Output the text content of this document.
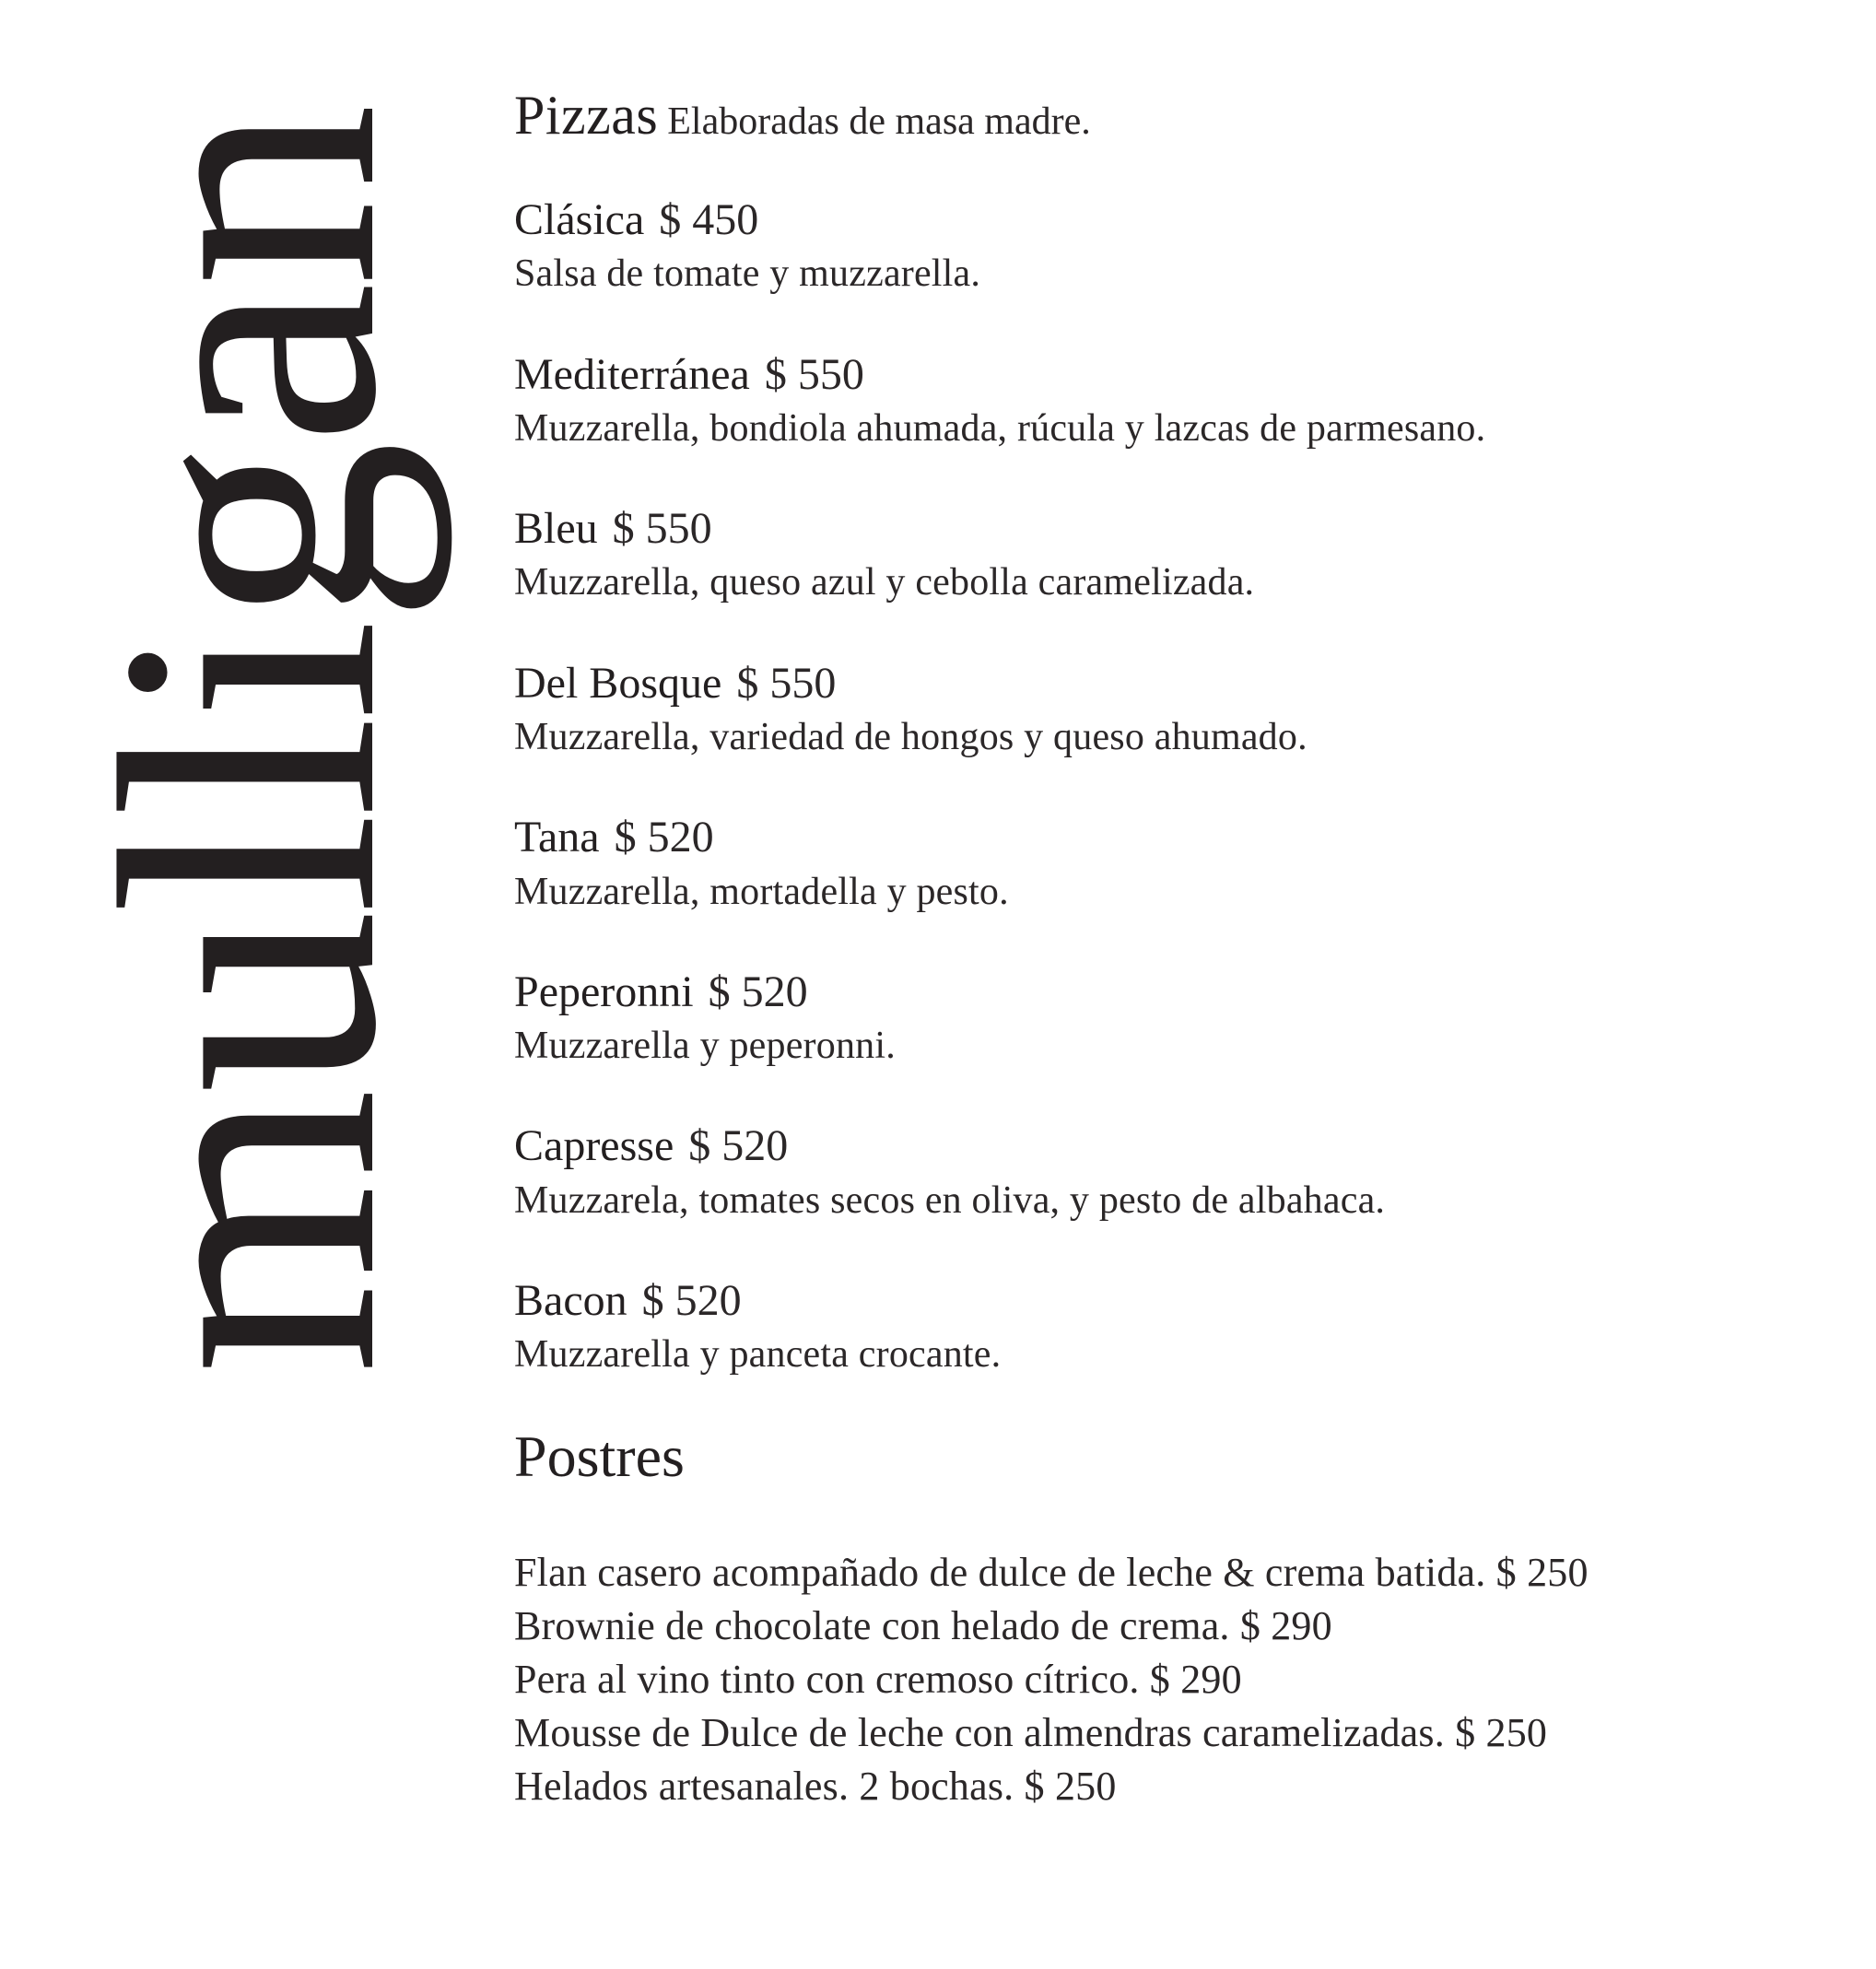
mulligan Pizzas Elaboradas de masa madre.
Clásica $ 450
Salsa de tomate y muzzarella.
Mediterránea $ 550
Muzzarella, bondiola ahumada, rúcula y lazcas de parmesano.
Bleu $ 550
Muzzarella, queso azul y cebolla caramelizada.
Del Bosque $ 550
Muzzarella, variedad de hongos y queso ahumado.
Tana $ 520
Muzzarella, mortadella y pesto.
Peperonni $ 520
Muzzarella y peperonni.
Capresse $ 520
Muzzarela, tomates secos en oliva, y pesto de albahaca.
Bacon $ 520
Muzzarella y panceta crocante.
Postres
Flan casero acompañado de dulce de leche & crema batida. $ 250
Brownie de chocolate con helado de crema. $ 290
Pera al vino tinto con cremoso cítrico. $ 290
Mousse de Dulce de leche con almendras caramelizadas. $ 250
Helados artesanales. 2 bochas. $ 250
